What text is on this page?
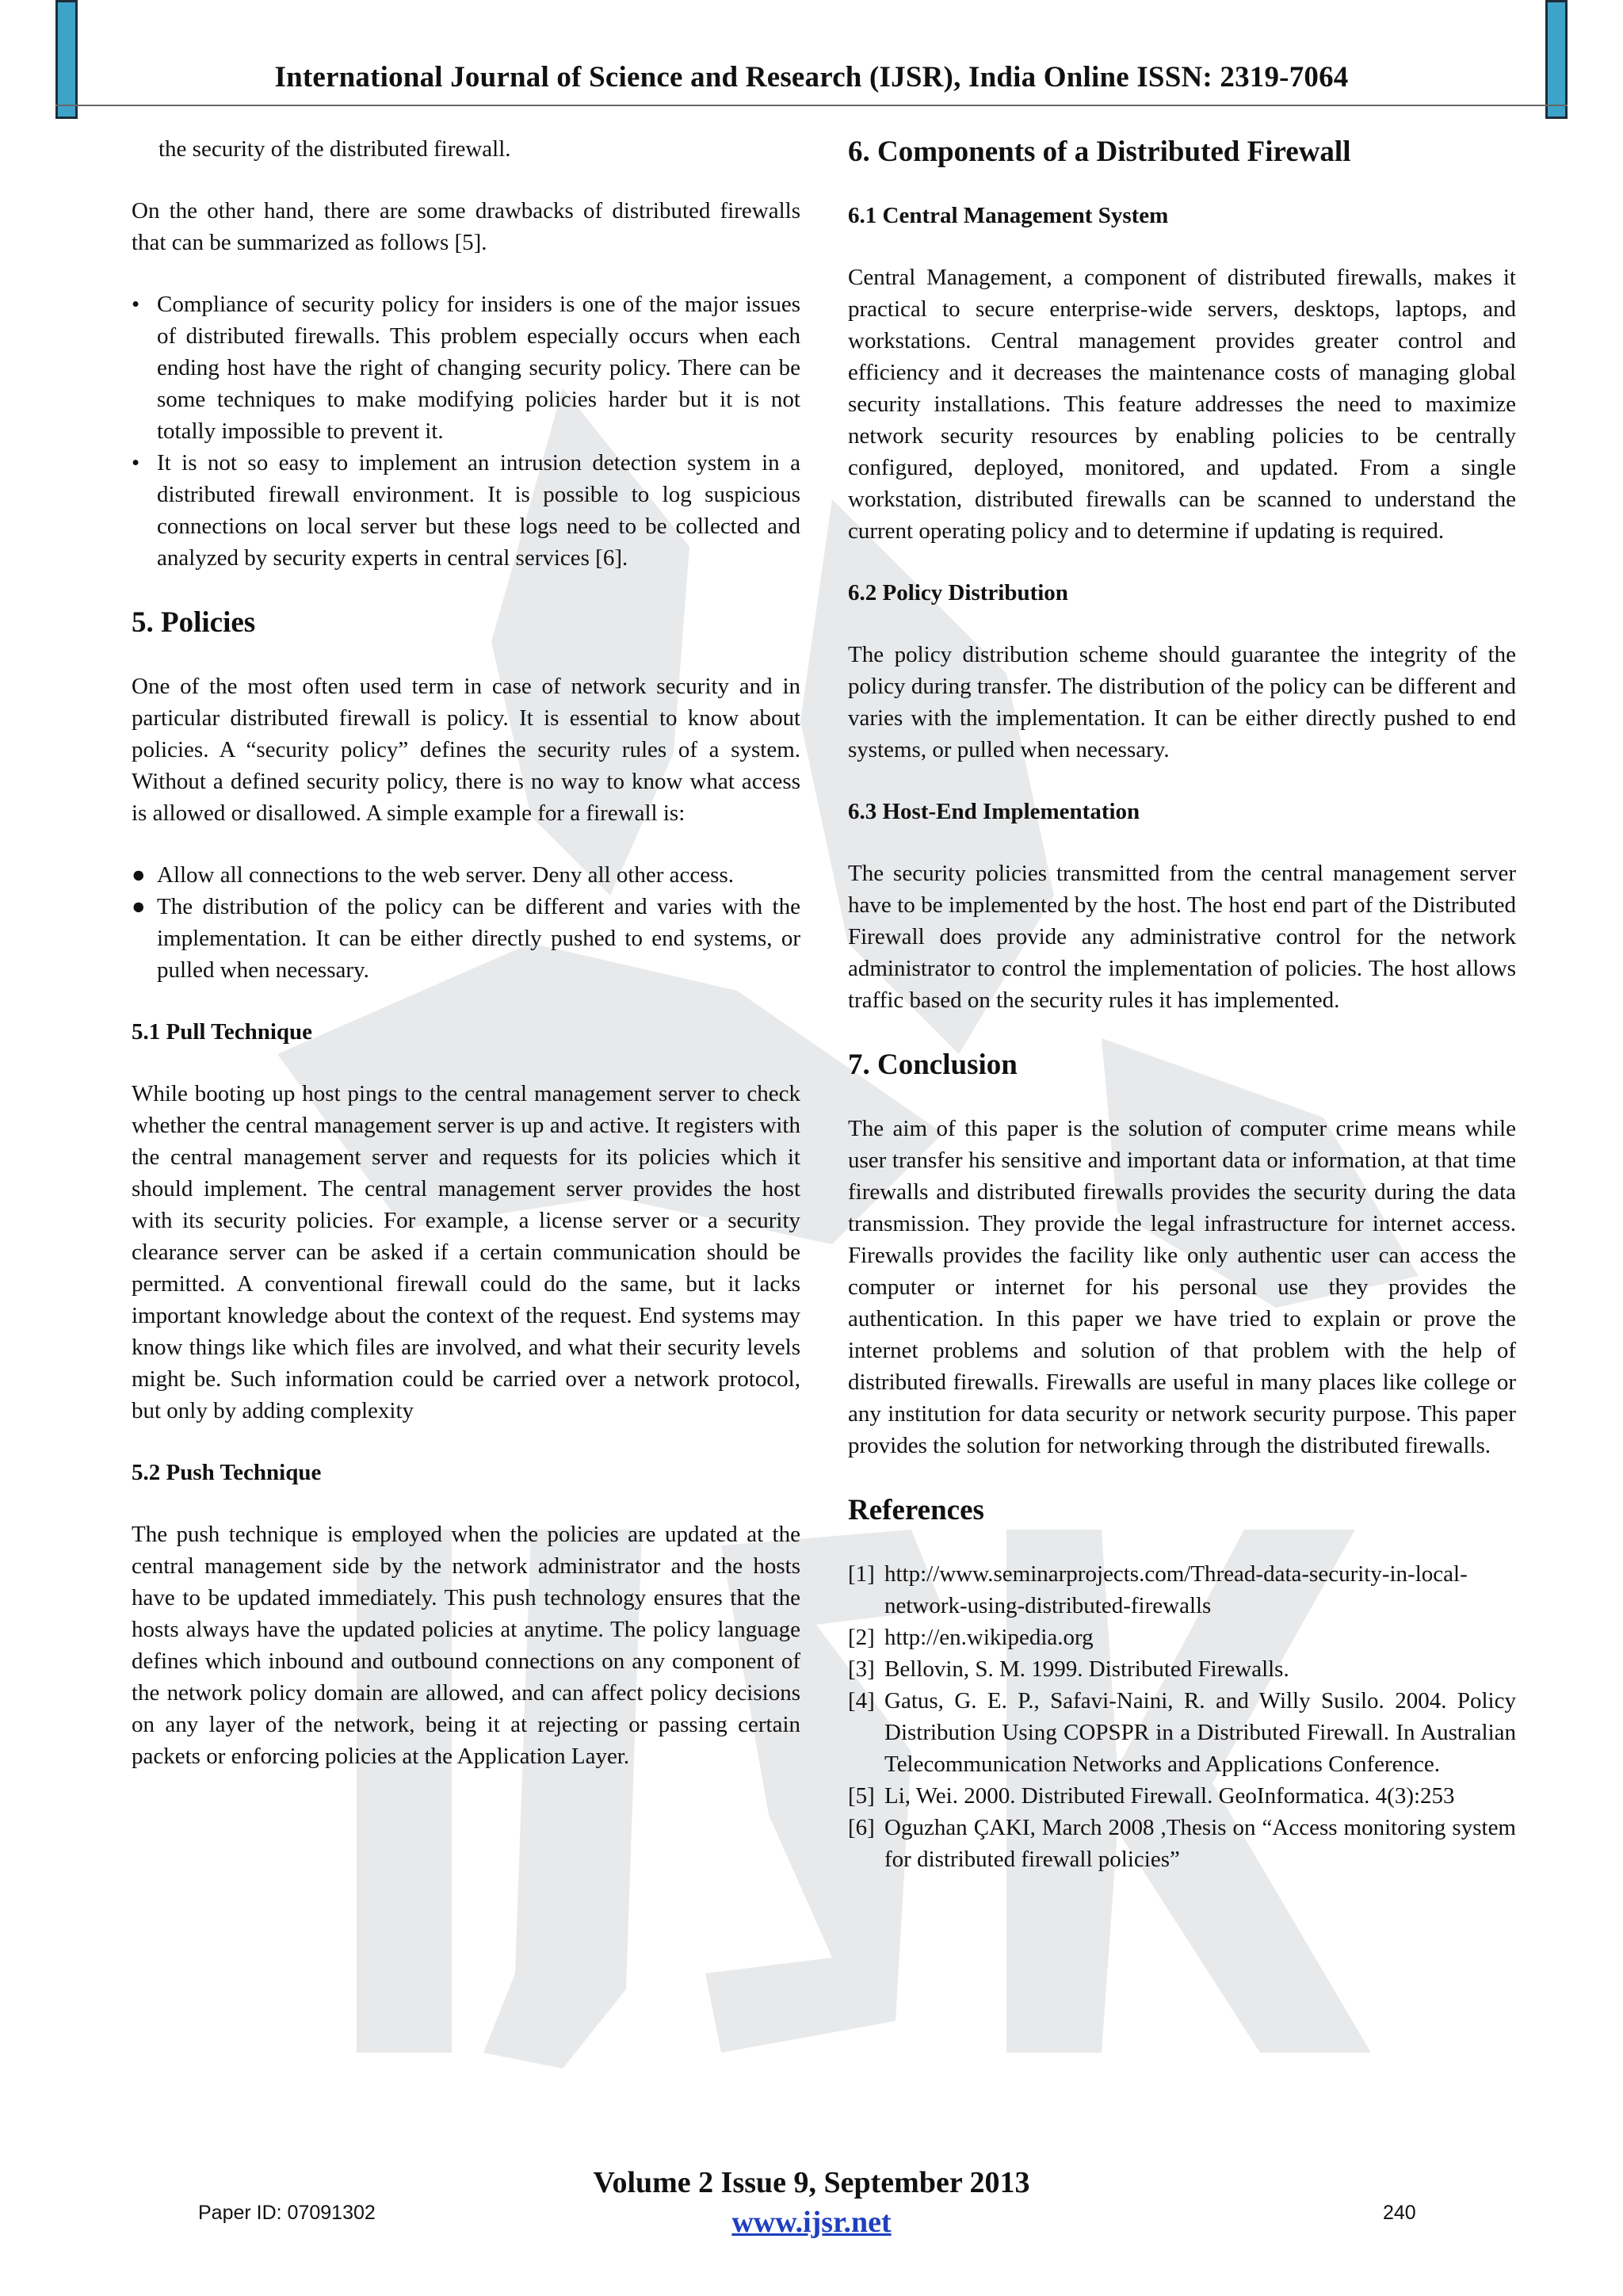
International Journal of Science and Research (IJSR), India Online ISSN: 2319-7064

the security of the distributed firewall.

On the other hand, there are some drawbacks of distributed firewalls that can be summarized as follows [5].

• Compliance of security policy for insiders is one of the major issues of distributed firewalls. This problem especially occurs when each ending host have the right of changing security policy. There can be some techniques to make modifying policies harder but it is not totally impossible to prevent it.
• It is not so easy to implement an intrusion detection system in a distributed firewall environment. It is possible to log suspicious connections on local server but these logs need to be collected and analyzed by security experts in central services [6].
5. Policies

One of the most often used term in case of network security and in particular distributed firewall is policy. It is essential to know about policies. A “security policy” defines the security rules of a system. Without a defined security policy, there is no way to know what access is allowed or disallowed. A simple example for a firewall is:

● Allow all connections to the web server. Deny all other access.
● The distribution of the policy can be different and varies with the implementation. It can be either directly pushed to end systems, or pulled when necessary.
5.1 Pull Technique

While booting up host pings to the central management server to check whether the central management server is up and active. It registers with the central management server and requests for its policies which it should implement. The central management server provides the host with its security policies. For example, a license server or a security clearance server can be asked if a certain communication should be permitted. A conventional firewall could do the same, but it lacks important knowledge about the context of the request. End systems may know things like which files are involved, and what their security levels might be. Such information could be carried over a network protocol, but only by adding complexity

5.2 Push Technique

The push technique is employed when the policies are updated at the central management side by the network administrator and the hosts have to be updated immediately. This push technology ensures that the hosts always have the updated policies at anytime. The policy language defines which inbound and outbound connections on any component of the network policy domain are allowed, and can affect policy decisions on any layer of the network, being it at rejecting or passing certain packets or enforcing policies at the Application Layer.

6. Components of a Distributed Firewall
6.1 Central Management System

Central Management, a component of distributed firewalls, makes it practical to secure enterprise-wide servers, desktops, laptops, and workstations. Central management provides greater control and efficiency and it decreases the maintenance costs of managing global security installations. This feature addresses the need to maximize network security resources by enabling policies to be centrally configured, deployed, monitored, and updated. From a single workstation, distributed firewalls can be scanned to understand the current operating policy and to determine if updating is required.

6.2 Policy Distribution

The policy distribution scheme should guarantee the integrity of the policy during transfer. The distribution of the policy can be different and varies with the implementation. It can be either directly pushed to end systems, or pulled when necessary.

6.3 Host-End Implementation

The security policies transmitted from the central management server have to be implemented by the host. The host end part of the Distributed Firewall does provide any administrative control for the network administrator to control the implementation of policies. The host allows traffic based on the security rules it has implemented.

7. Conclusion

The aim of this paper is the solution of computer crime means while user transfer his sensitive and important data or information, at that time firewalls and distributed firewalls provides the security during the data transmission. They provide the legal infrastructure for internet access. Firewalls provides the facility like only authentic user can access the computer or internet for his personal use they provides the authentication. In this paper we have tried to explain or prove the internet problems and solution of that problem with the help of distributed firewalls. Firewalls are useful in many places like college or any institution for data security or network security purpose. This paper provides the solution for networking through the distributed firewalls.

References
[1] http://www.seminarprojects.com/Thread-data-security-in-local-network-using-distributed-firewalls
[2] http://en.wikipedia.org
[3] Bellovin, S. M. 1999. Distributed Firewalls.
[4] Gatus, G. E. P., Safavi-Naini, R. and Willy Susilo. 2004. Policy Distribution Using COPSPR in a Distributed Firewall. In Australian Telecommunication Networks and Applications Conference.
[5] Li, Wei. 2000. Distributed Firewall. GeoInformatica. 4(3):253
[6] Oguzhan ÇAKI, March 2008 ,Thesis on “Access monitoring system for distributed firewall policies”
Volume 2 Issue 9, September 2013
www.ijsr.net
Paper ID: 07091302	240
